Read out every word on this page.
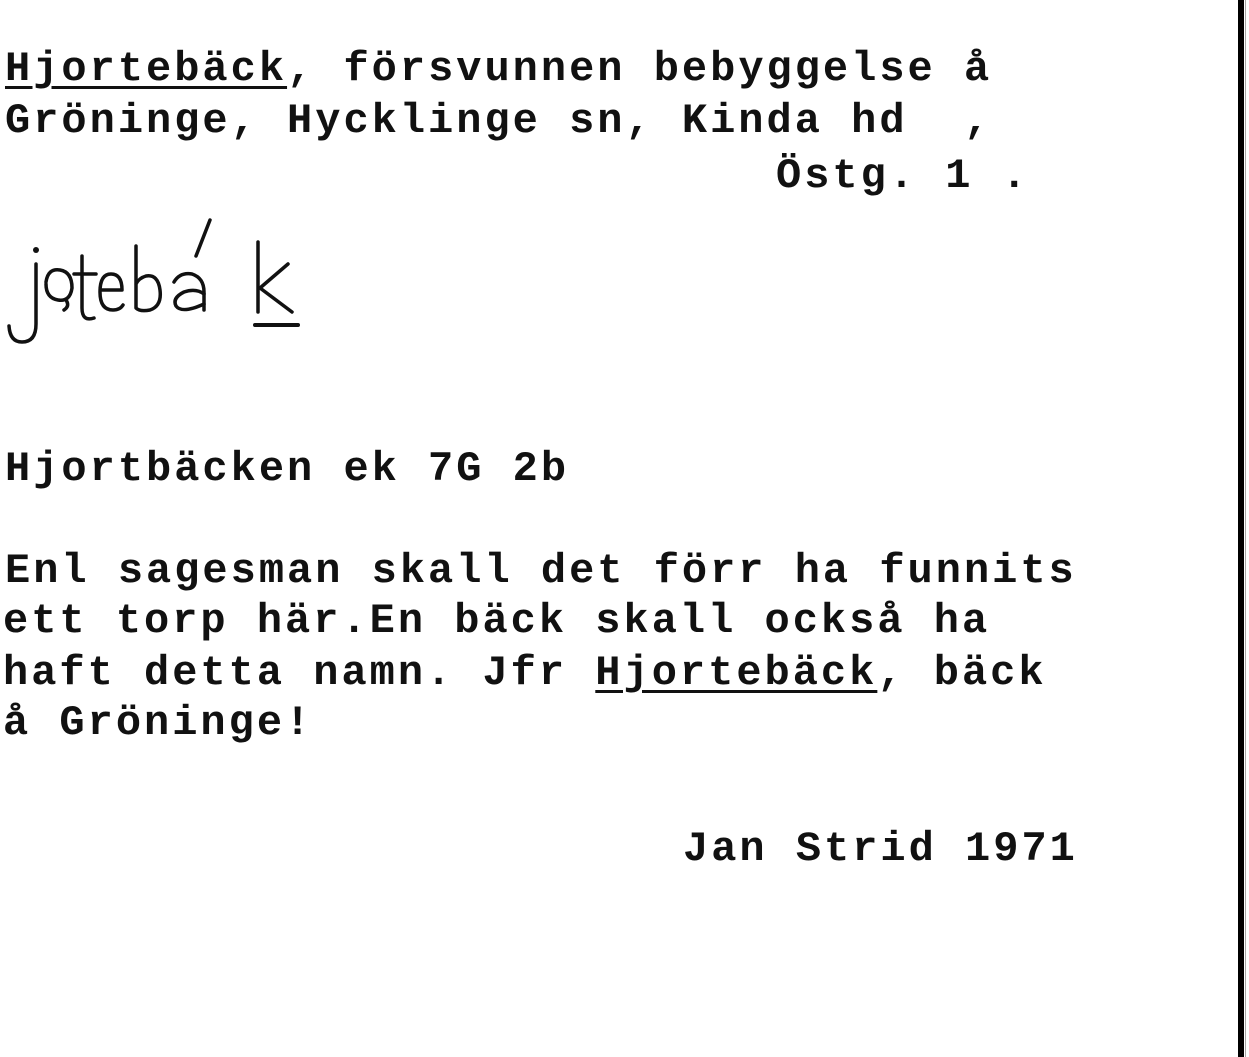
Hjortebäck, försvunnen bebyggelse å
Gröninge, Hycklinge sn, Kinda hd  ,
Östg. 1 .
Hjortbäcken ek 7G 2b
Enl sagesman skall det förr ha funnits
ett torp här.En bäck skall också ha
haft detta namn. Jfr Hjortebäck, bäck
å Gröninge!
Jan Strid 1971
